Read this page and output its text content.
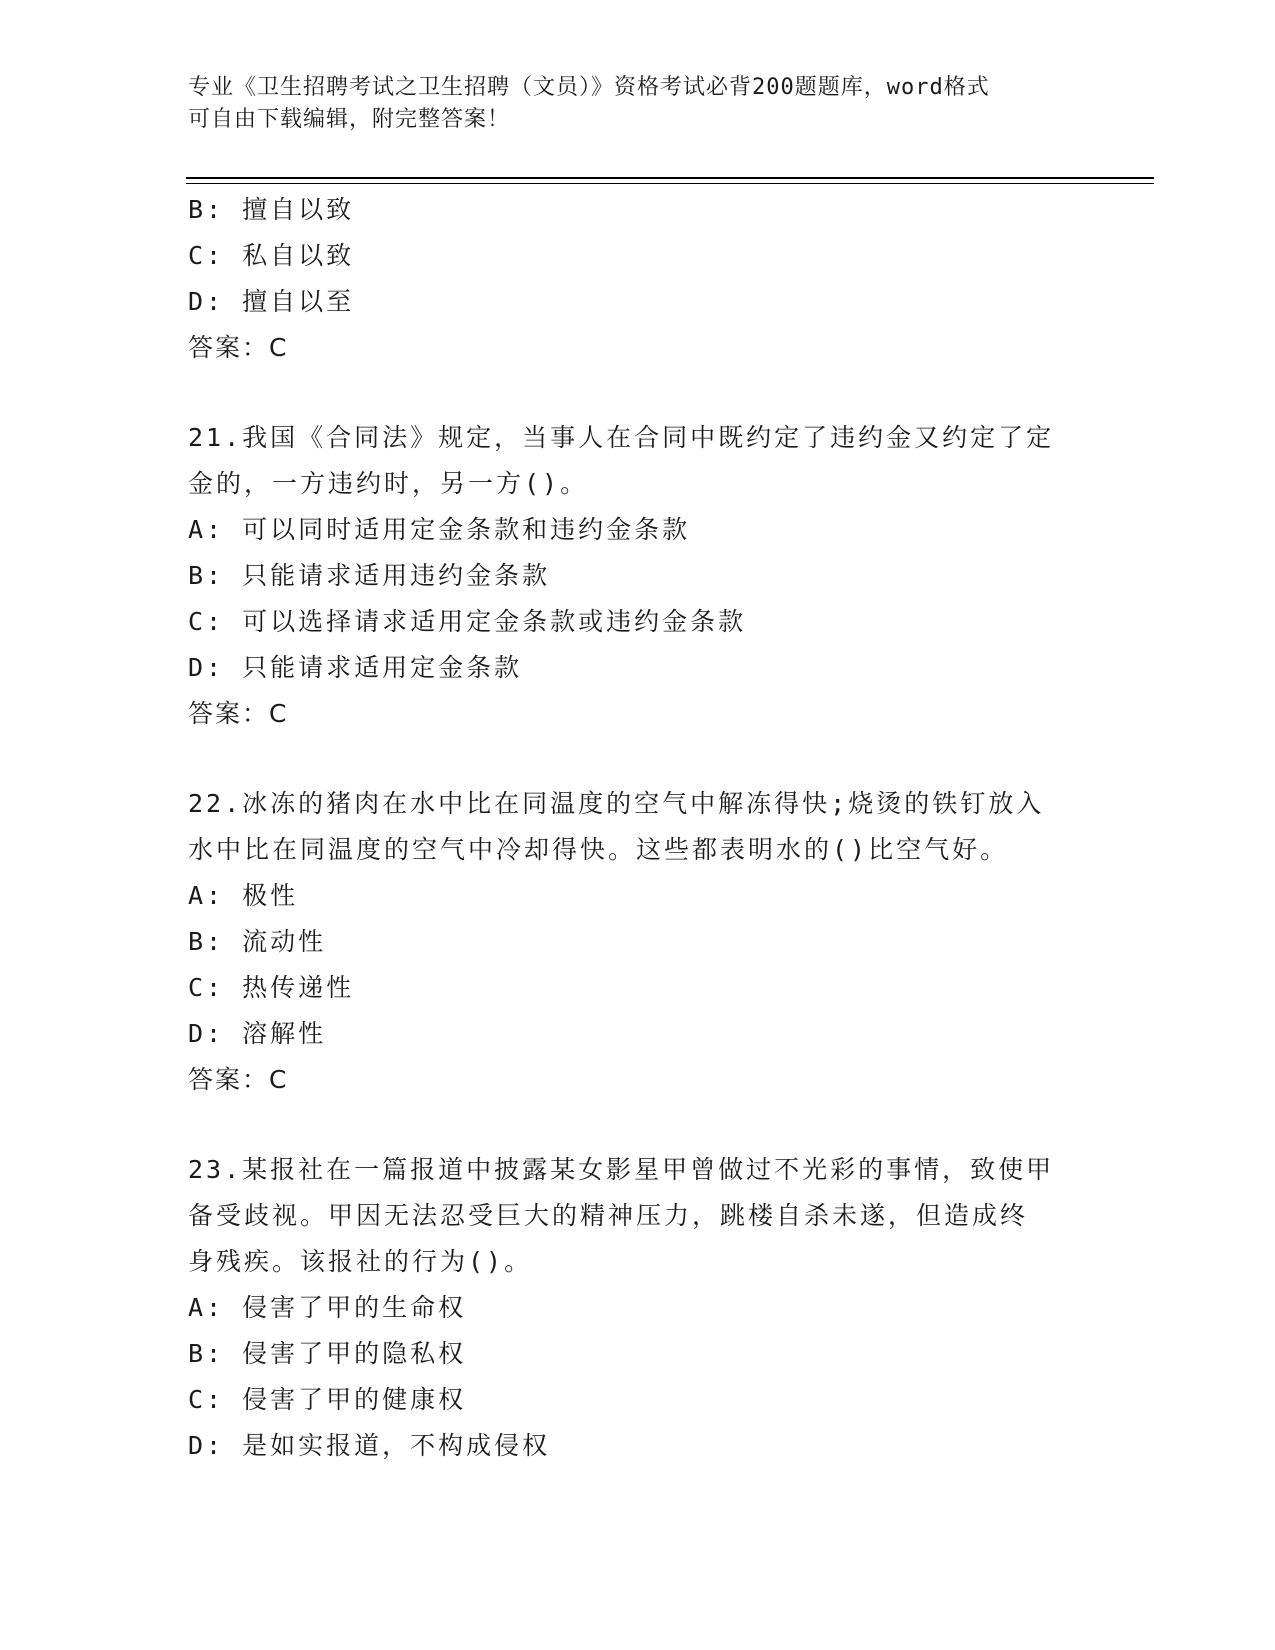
专业《卫生招聘考试之卫生招聘（文员）》资格考试必背200题题库，word格式
可自由下载编辑，附完整答案！
B: 擅自以致
C: 私自以致
D: 擅自以至
答案：C
21.我国《合同法》规定，当事人在合同中既约定了违约金又约定了定
金的，一方违约时，另一方()。
A: 可以同时适用定金条款和违约金条款
B: 只能请求适用违约金条款
C: 可以选择请求适用定金条款或违约金条款
D: 只能请求适用定金条款
答案：C
22.冰冻的猪肉在水中比在同温度的空气中解冻得快;烧烫的铁钉放入
水中比在同温度的空气中冷却得快。这些都表明水的()比空气好。
A: 极性
B: 流动性
C: 热传递性
D: 溶解性
答案：C
23.某报社在一篇报道中披露某女影星甲曾做过不光彩的事情，致使甲
备受歧视。甲因无法忍受巨大的精神压力，跳楼自杀未遂，但造成终
身残疾。该报社的行为()。
A: 侵害了甲的生命权
B: 侵害了甲的隐私权
C: 侵害了甲的健康权
D: 是如实报道，不构成侵权
